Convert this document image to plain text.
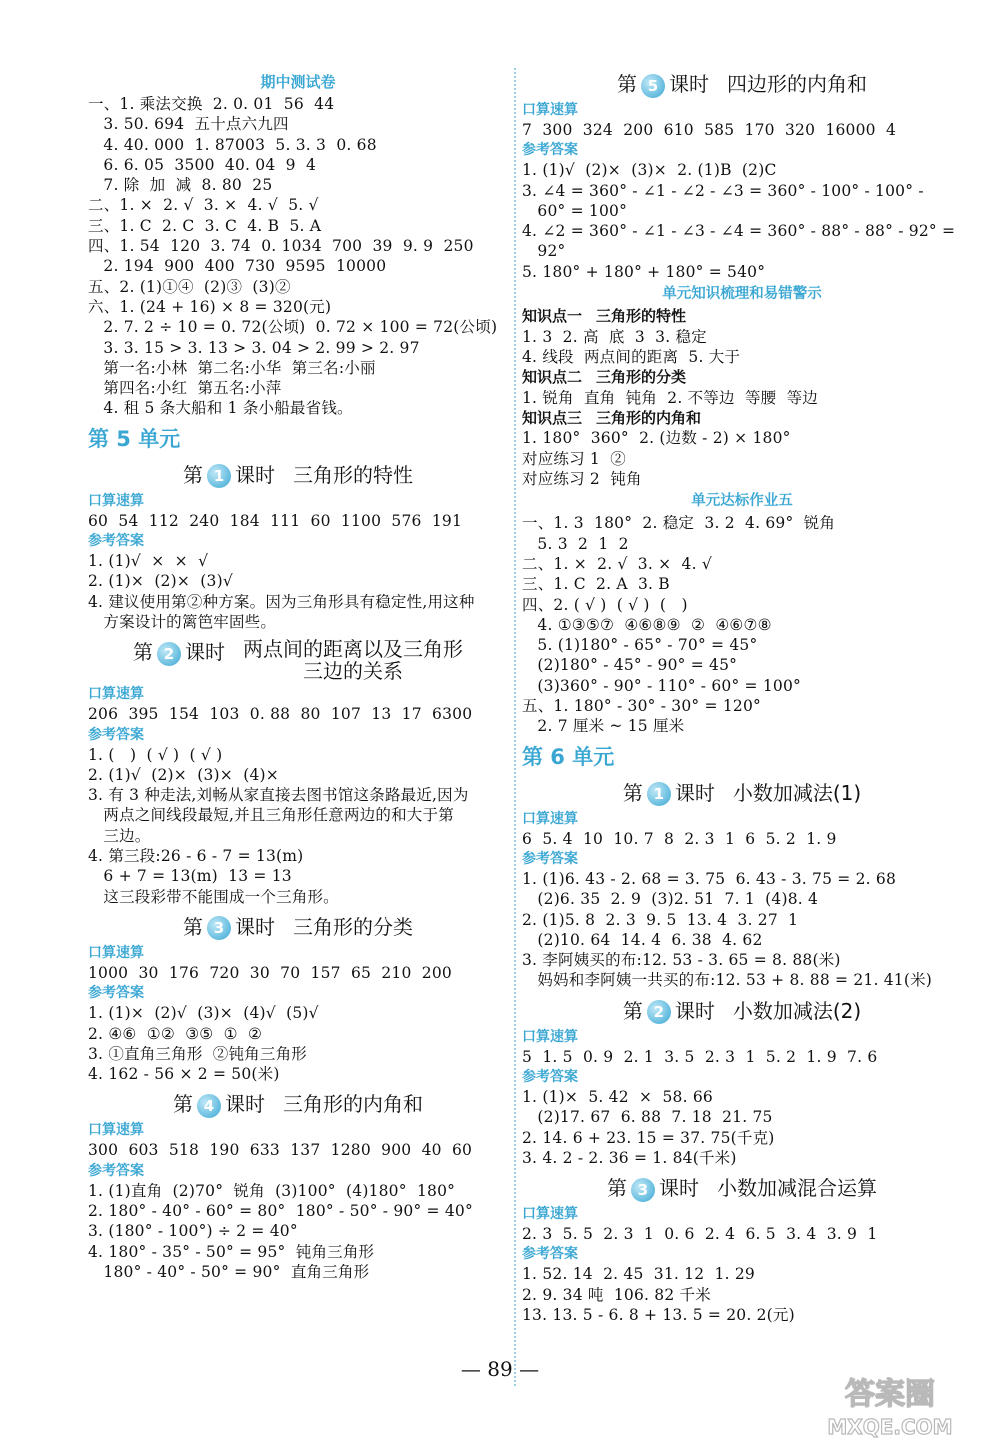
期中测试卷
一、1. 乘法交换  2. 0. 01  56  44
3. 50. 694  五十点六九四
4. 40. 000  1. 87003  5. 3. 3  0. 68
6. 6. 05  3500  40. 04  9  4
7. 除  加  减  8. 80  25
二、1. ×  2. √  3. ×  4. √  5. √
三、1. C  2. C  3. C  4. B  5. A
四、1. 54  120  3. 74  0. 1034  700  39  9. 9  250
2. 194  900  400  730  9595  10000
五、2. (1)①④  (2)③  (3)②
六、1. (24 + 16) × 8 = 320(元)
2. 7. 2 ÷ 10 = 0. 72(公顷)  0. 72 × 100 = 72(公顷)
3. 3. 15 > 3. 13 > 3. 04 > 2. 99 > 2. 97
第一名:小林  第二名:小华  第三名:小丽
第四名:小红  第五名:小萍
4. 租 5 条大船和 1 条小船最省钱。
第 5 单元
第 1 课时 三角形的特性
口算速算
60  54  112  240  184  111  60  1100  576  191
参考答案
1. (1)√  ×  ×  √
2. (1)×  (2)×  (3)√
4. 建议使用第②种方案。因为三角形具有稳定性,用这种
方案设计的篱笆牢固些。
第 2 课时 两点间的距离以及三角形
三边的关系
口算速算
206  395  154  103  0. 88  80  107  13  17  6300
参考答案
1. (   )  ( √ )  ( √ )
2. (1)√  (2)×  (3)×  (4)×
3. 有 3 种走法,刘畅从家直接去图书馆这条路最近,因为
两点之间线段最短,并且三角形任意两边的和大于第
三边。
4. 第三段:26 - 6 - 7 = 13(m)
6 + 7 = 13(m)  13 = 13
这三段彩带不能围成一个三角形。
第 3 课时 三角形的分类
口算速算
1000  30  176  720  30  70  157  65  210  200
参考答案
1. (1)×  (2)√  (3)×  (4)√  (5)√
2. ④⑥  ①②  ③⑤  ①  ②
3. ①直角三角形  ②钝角三角形
4. 162 - 56 × 2 = 50(米)
第 4 课时 三角形的内角和
口算速算
300  603  518  190  633  137  1280  900  40  60
参考答案
1. (1)直角  (2)70°  锐角  (3)100°  (4)180°  180°
2. 180° - 40° - 60° = 80°  180° - 50° - 90° = 40°
3. (180° - 100°) ÷ 2 = 40°
4. 180° - 35° - 50° = 95°  钝角三角形
180° - 40° - 50° = 90°  直角三角形
第 5 课时 四边形的内角和
口算速算
7  300  324  200  610  585  170  320  16000  4
参考答案
1. (1)√  (2)×  (3)×  2. (1)B  (2)C
3. ∠4 = 360° - ∠1 - ∠2 - ∠3 = 360° - 100° - 100° -
60° = 100°
4. ∠2 = 360° - ∠1 - ∠3 - ∠4 = 360° - 88° - 88° - 92° =
92°
5. 180° + 180° + 180° = 540°
单元知识梳理和易错警示
知识点一 三角形的特性
1. 3  2. 高  底  3  3. 稳定
4. 线段  两点间的距离  5. 大于
知识点二 三角形的分类
1. 锐角  直角  钝角  2. 不等边  等腰  等边
知识点三 三角形的内角和
1. 180°  360°  2. (边数 - 2) × 180°
对应练习 1  ②
对应练习 2  钝角
单元达标作业五
一、1. 3  180°  2. 稳定  3. 2  4. 69°  锐角
5. 3  2  1  2
二、1. ×  2. √  3. ×  4. √
三、1. C  2. A  3. B
四、2. ( √ )  ( √ )  (   )
4. ①③⑤⑦  ④⑥⑧⑨  ②  ④⑥⑦⑧
5. (1)180° - 65° - 70° = 45°
(2)180° - 45° - 90° = 45°
(3)360° - 90° - 110° - 60° = 100°
五、1. 180° - 30° - 30° = 120°
2. 7 厘米 ~ 15 厘米
第 6 单元
第 1 课时 小数加减法(1)
口算速算
6  5. 4  10  10. 7  8  2. 3  1  6  5. 2  1. 9
参考答案
1. (1)6. 43 - 2. 68 = 3. 75  6. 43 - 3. 75 = 2. 68
(2)6. 35  2. 9  (3)2. 51  7. 1  (4)8. 4
2. (1)5. 8  2. 3  9. 5  13. 4  3. 27  1
(2)10. 64  14. 4  6. 38  4. 62
3. 李阿姨买的布:12. 53 - 3. 65 = 8. 88(米)
妈妈和李阿姨一共买的布:12. 53 + 8. 88 = 21. 41(米)
第 2 课时 小数加减法(2)
口算速算
5  1. 5  0. 9  2. 1  3. 5  2. 3  1  5. 2  1. 9  7. 6
参考答案
1. (1)×  5. 42  ×  58. 66
(2)17. 67  6. 88  7. 18  21. 75
2. 14. 6 + 23. 15 = 37. 75(千克)
3. 4. 2 - 2. 36 = 1. 84(千米)
第 3 课时 小数加减混合运算
口算速算
2. 3  5. 5  2. 3  1  0. 6  2. 4  6. 5  3. 4  3. 9  1
参考答案
1. 52. 14  2. 45  31. 12  1. 29
2. 9. 34 吨  106. 82 千米
13. 13. 5 - 6. 8 + 13. 5 = 20. 2(元)
— 89 —
答案圈
MXQE.COM
